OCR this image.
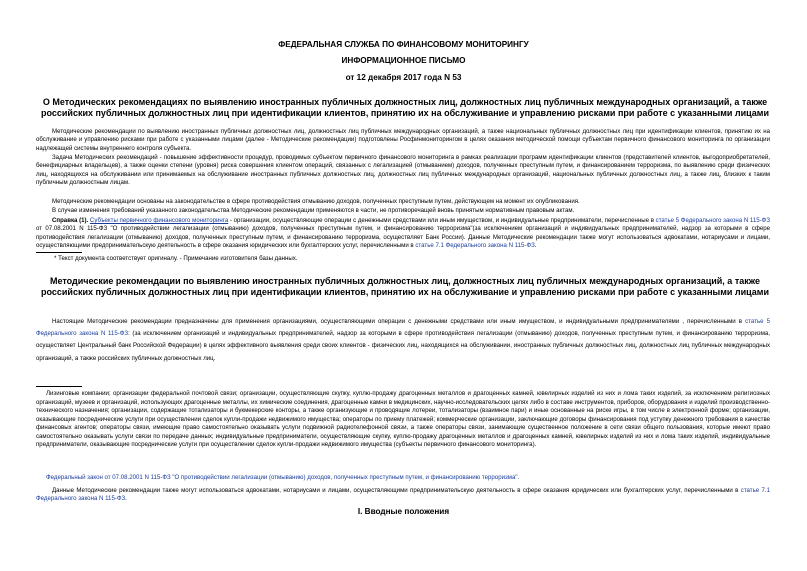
ФЕДЕРАЛЬНАЯ СЛУЖБА ПО ФИНАНСОВОМУ МОНИТОРИНГУ
ИНФОРМАЦИОННОЕ ПИСЬМО
от 12 декабря 2017 года N 53
О Методических рекомендациях по выявлению иностранных публичных должностных лиц, должностных лиц публичных международных организаций, а также российских публичных должностных лиц при идентификации клиентов, принятию их на обслуживание и управлению рисками при работе с указанными лицами

Методические рекомендации по выявлению иностранных публичных должностных лиц, должностных лиц публичных международных организаций, а также национальных публичных должностных лиц при идентификации клиентов, принятию их на обслуживание и управлению рисками при работе с указанными лицами (далее - Методические рекомендации) подготовлены Росфинмониторингом в целях оказания методической помощи субъектам первичного финансового мониторинга по организации надлежащей системы внутреннего контроля субъекта.

Задача Методических рекомендаций - повышение эффективности процедур, проводимых субъектом первичного финансового мониторинга в рамках реализации программ идентификации клиентов (представителей клиентов, выгодоприобретателей, бенефициарных владельцев), а также оценки степени (уровня) риска совершения клиентом операций, связанных с легализацией (отмыванием) доходов, полученных преступным путем, и финансированием терроризма, по выявлению среди физических лиц, находящихся на обслуживании или принимаемых на обслуживание иностранных публичных должностных лиц, должностных лиц публичных международных организаций, национальных публичных должностных лиц, а также лиц, близких к таким публичным должностным лицам.

Методические рекомендации основаны на законодательстве в сфере противодействия отмыванию доходов, полученных преступным путем, действующем на момент их опубликования.

В случае изменения требований указанного законодательства Методические рекомендации применяются в части, не противоречащей вновь принятым нормативным правовым актам.

Справка (1). Субъекты первичного финансового мониторинга - организации, осуществляющие операции с денежными средствами или иным имуществом, и индивидуальные предприниматели, перечисленные в статье 5 Федерального закона N 115-ФЗ от 07.08.2001 N 115-ФЗ "О противодействии легализации (отмыванию) доходов, полученных преступным путем, и финансированию терроризма"(за исключением организаций и индивидуальных предпринимателей, надзор за которыми в сфере противодействия легализации (отмыванию) доходов, полученных преступным путем, и финансированию терроризма, осуществляет Банк России). Данные Методические рекомендации также могут использоваться адвокатами, нотариусами и лицами, осуществляющими предпринимательскую деятельность в сфере оказания юридических или бухгалтерских услуг, перечисленными в статье 7.1 Федерального закона N 115-ФЗ.

* Текст документа соответствует оригиналу. - Примечание изготовителя базы данных.
Методические рекомендации по выявлению иностранных публичных должностных лиц, должностных лиц публичных международных организаций, а также российских публичных должностных лиц при идентификации клиентов, принятию их на обслуживание и управлению рисками при работе с указанными лицами

Настоящие Методические рекомендации предназначены для применения организациями, осуществляющими операции с денежными средствами или иным имуществом, и индивидуальными предпринимателями , перечисленными в статье 5 Федерального закона N 115-ФЗ: (за исключением организаций и индивидуальных предпринимателей, надзор за которыми в сфере противодействия легализации (отмыванию) доходов, полученных преступным путем, и финансированию терроризма, осуществляет Центральный банк Российской Федерации) в целях эффективного выявления среди своих клиентов - физических лиц, находящихся на обслуживании, иностранных публичных должностных лиц, должностных лиц публичных международных организаций, а также российских публичных должностных лиц.

Лизинговые компании; организации федеральной почтовой связи; организации, осуществляющие скупку, куплю-продажу драгоценных металлов и драгоценных камней, ювелирных изделий из них и лома таких изделий, за исключением религиозных организаций, музеев и организаций, использующих драгоценные металлы, их химические соединения, драгоценные камни в медицинских, научно-исследовательских целях либо в составе инструментов, приборов, оборудования и изделий производственно-технического назначения; организации, содержащие тотализаторы и букмекерские конторы, а также организующие и проводящие лотереи, тотализаторы (взаимное пари) и иные основанные на риске игры, в том числе в электронной форме; организации, оказывающие посреднические услуги при осуществлении сделок купли-продажи недвижимого имущества; операторы по приему платежей; коммерческие организации, заключающие договоры финансирования под уступку денежного требования в качестве финансовых агентов; операторы связи, имеющие право самостоятельно оказывать услуги подвижной радиотелефонной связи, а также операторы связи, занимающие существенное положение в сети связи общего пользования, которые имеют право самостоятельно оказывать услуги связи по передаче данных; индивидуальные предприниматели, осуществляющие скупку, куплю-продажу драгоценных металлов и драгоценных камней, ювелирных изделий из них и лома таких изделий, индивидуальные предприниматели, оказывающие посреднические услуги при осуществлении сделок купли-продажи недвижимого имущества (субъекты первичного финансового мониторинга).

Федеральный закон от 07.08.2001 N 115-ФЗ "О противодействии легализации (отмыванию) доходов, полученных преступным путем, и финансированию терроризма".

Данные Методические рекомендации также могут использоваться адвокатами, нотариусами и лицами, осуществляющими предпринимательскую деятельность в сфере оказания юридических или бухгалтерских услуг, перечисленными в статье 7.1 Федерального закона N 115-ФЗ.

I. Вводные положения
